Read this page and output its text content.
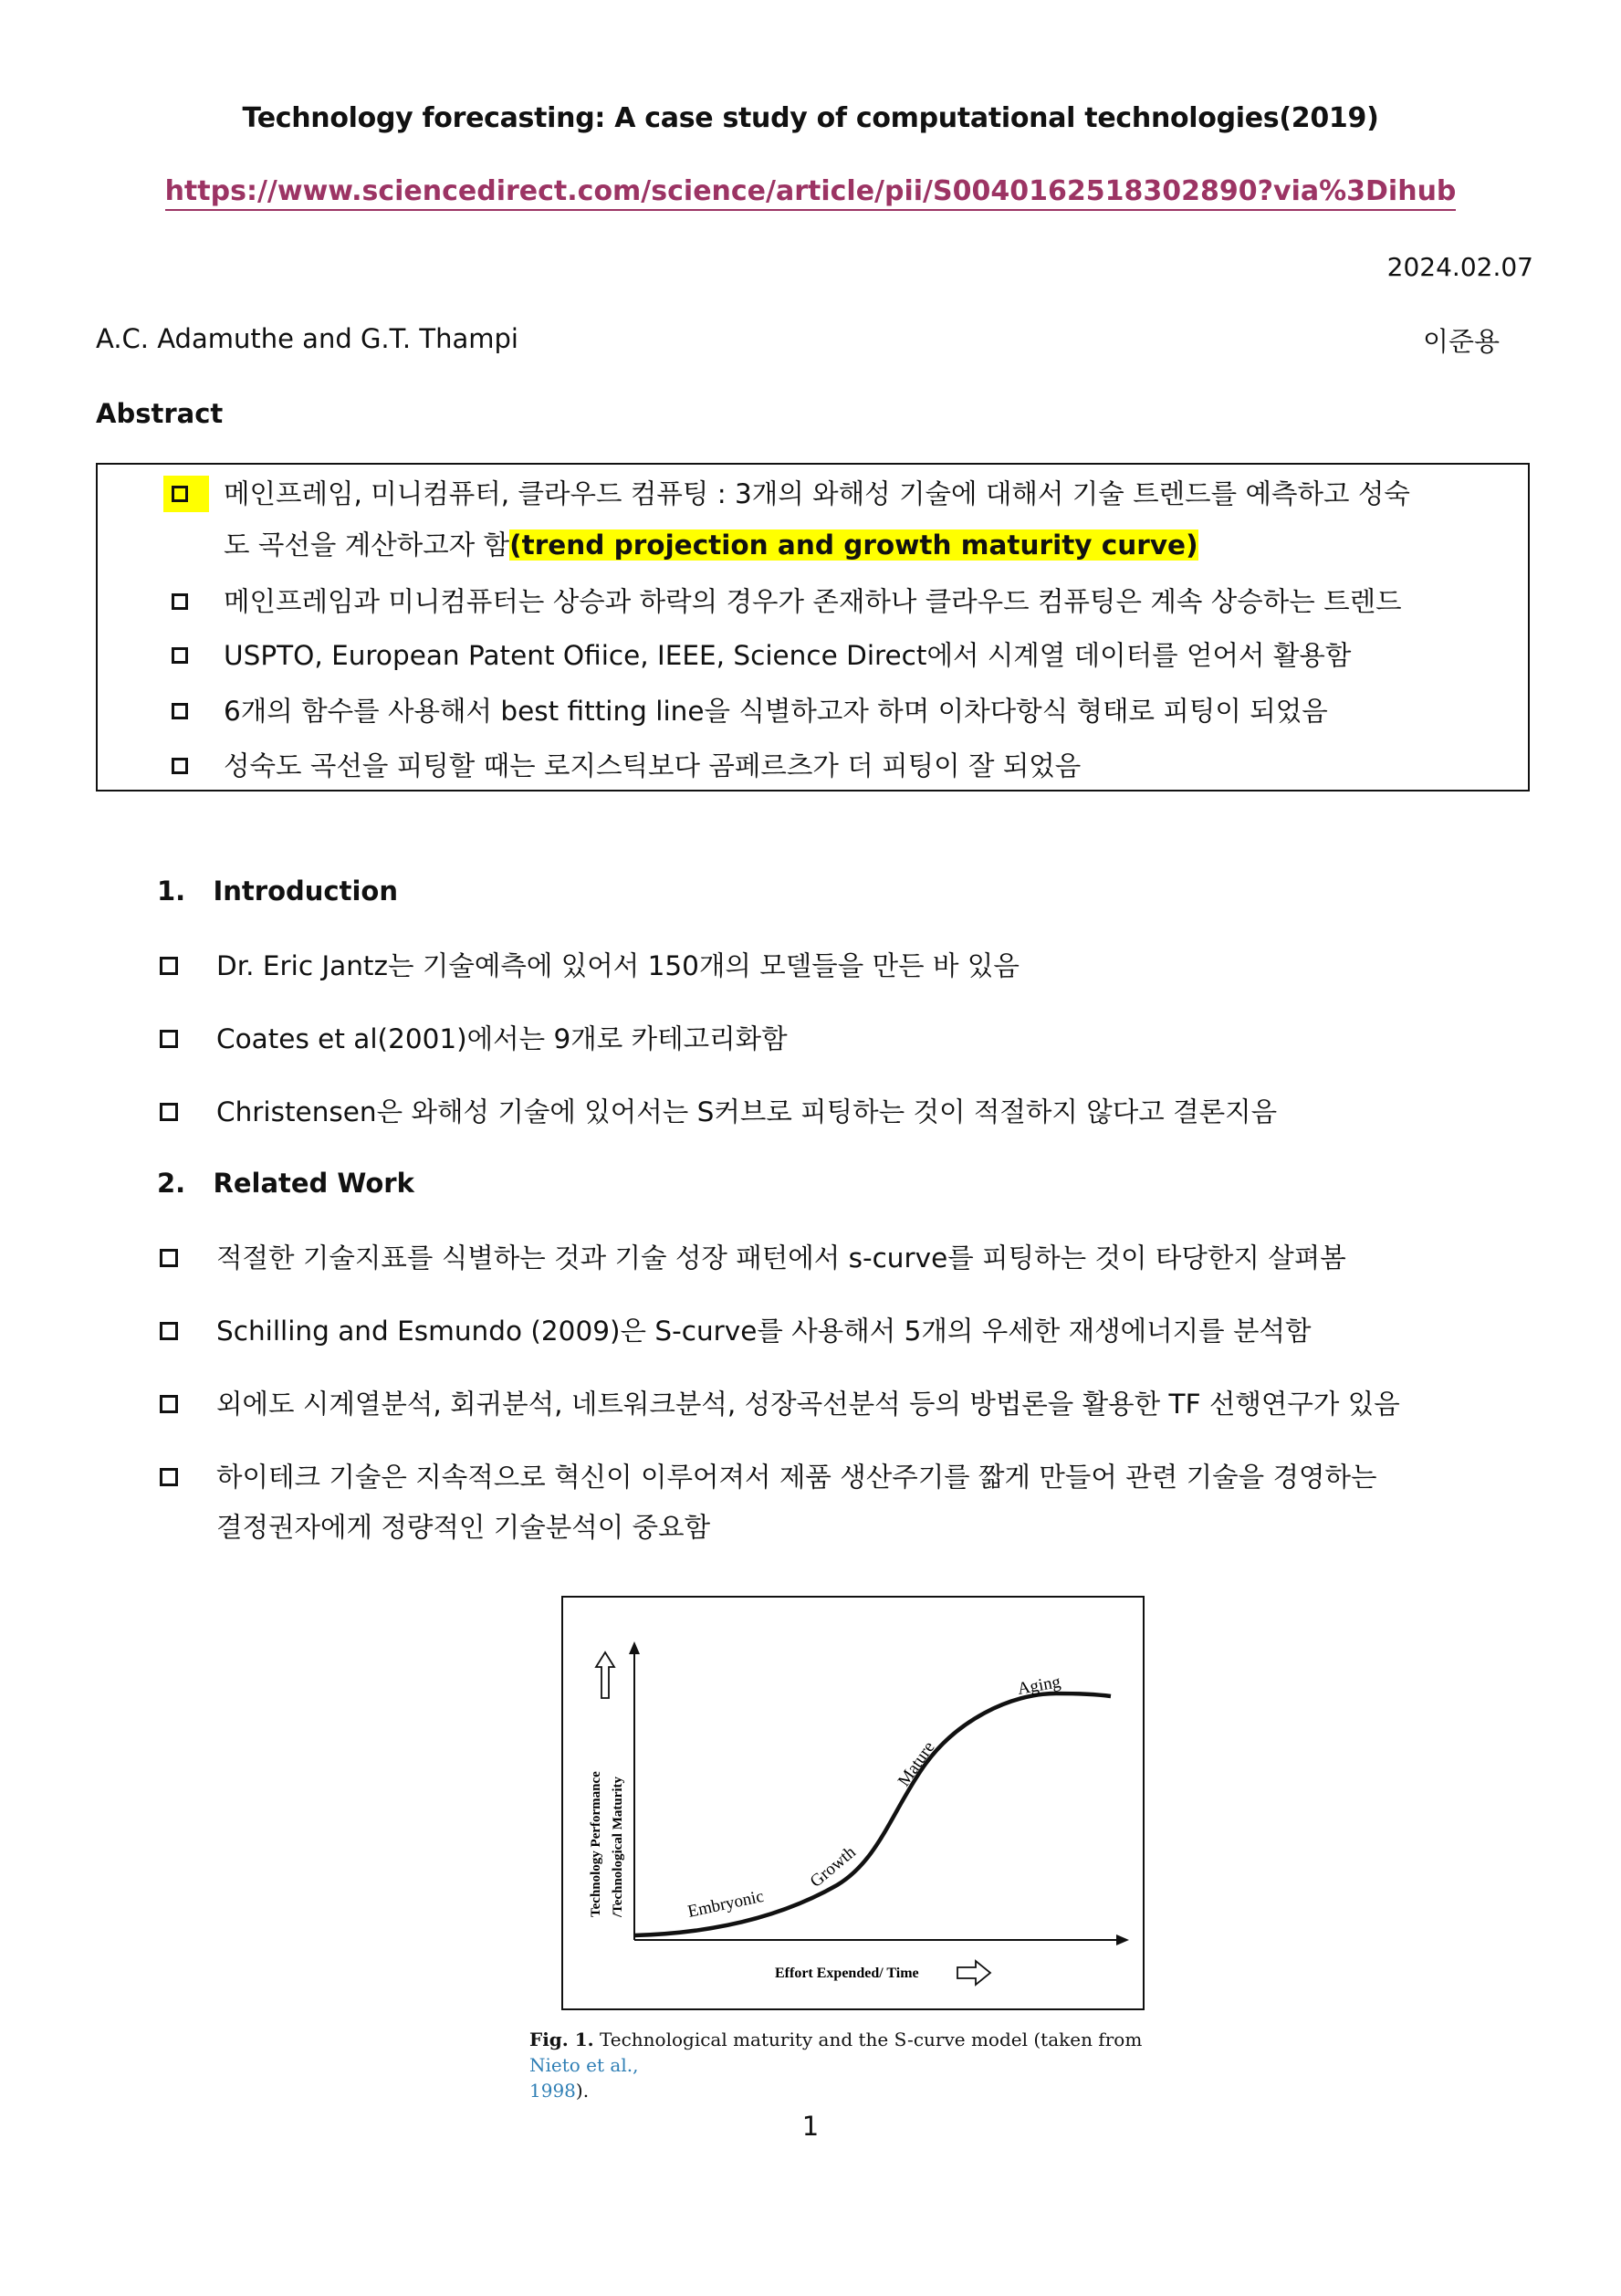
Technology forecasting: A case study of computational technologies(2019)
https://www.sciencedirect.com/science/article/pii/S0040162518302890?via%3Dihub
2024.02.07
A.C. Adamuthe and G.T. Thampi	이준용
Abstract
메인프레임, 미니컴퓨터, 클라우드 컴퓨팅 : 3개의 와해성 기술에 대해서 기술 트렌드를 예측하고 성숙
도 곡선을 계산하고자 함(trend projection and growth maturity curve)
메인프레임과 미니컴퓨터는 상승과 하락의 경우가 존재하나 클라우드 컴퓨팅은 계속 상승하는 트렌드
USPTO, European Patent Ofiice, IEEE, Science Direct에서 시계열 데이터를 얻어서 활용함
6개의 함수를 사용해서 best fitting line을 식별하고자 하며 이차다항식 형태로 피팅이 되었음
성숙도 곡선을 피팅할 때는 로지스틱보다 곰페르츠가 더 피팅이 잘 되었음
1. Introduction
Dr. Eric Jantz는 기술예측에 있어서 150개의 모델들을 만든 바 있음
Coates et al(2001)에서는 9개로 카테고리화함
Christensen은 와해성 기술에 있어서는 S커브로 피팅하는 것이 적절하지 않다고 결론지음
2. Related Work
적절한 기술지표를 식별하는 것과 기술 성장 패턴에서 s-curve를 피팅하는 것이 타당한지 살펴봄
Schilling and Esmundo (2009)은 S-curve를 사용해서 5개의 우세한 재생에너지를 분석함
외에도 시계열분석, 회귀분석, 네트워크분석, 성장곡선분석 등의 방법론을 활용한 TF 선행연구가 있음
하이테크 기술은 지속적으로 혁신이 이루어져서 제품 생산주기를 짧게 만들어 관련 기술을 경영하는
결정권자에게 정량적인 기술분석이 중요함
Technology Performance /Technological Maturity
Effort Expended/ Time
Embryonic
Growth
Mature
Aging
Fig. 1. Technological maturity and the S-curve model (taken from Nieto et al.,
1998).
1
